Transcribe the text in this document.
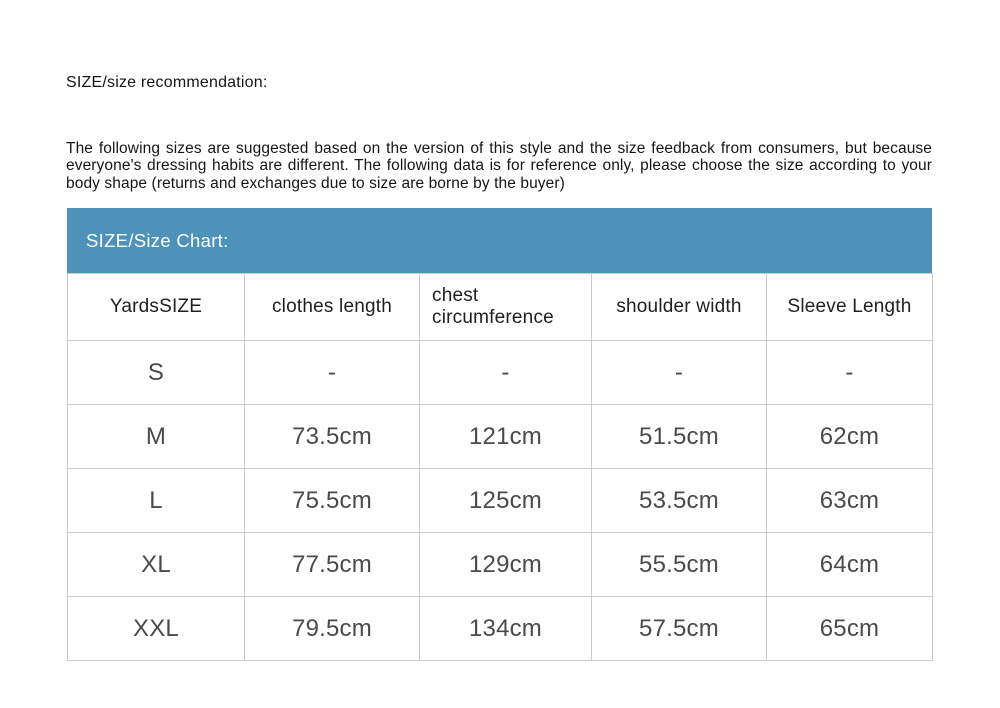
SIZE/size recommendation:

The following sizes are suggested based on the version of this style and the size feedback from consumers, but because everyone's dressing habits are different. The following data is for reference only, please choose the size according to your body shape (returns and exchanges due to size are borne by the buyer)

SIZE/Size Chart:
YardsSIZE	clothes length	chest circumference	shoulder width	Sleeve Length
S	-	-	-	-
M	73.5cm	121cm	51.5cm	62cm
L	75.5cm	125cm	53.5cm	63cm
XL	77.5cm	129cm	55.5cm	64cm
XXL	79.5cm	134cm	57.5cm	65cm
